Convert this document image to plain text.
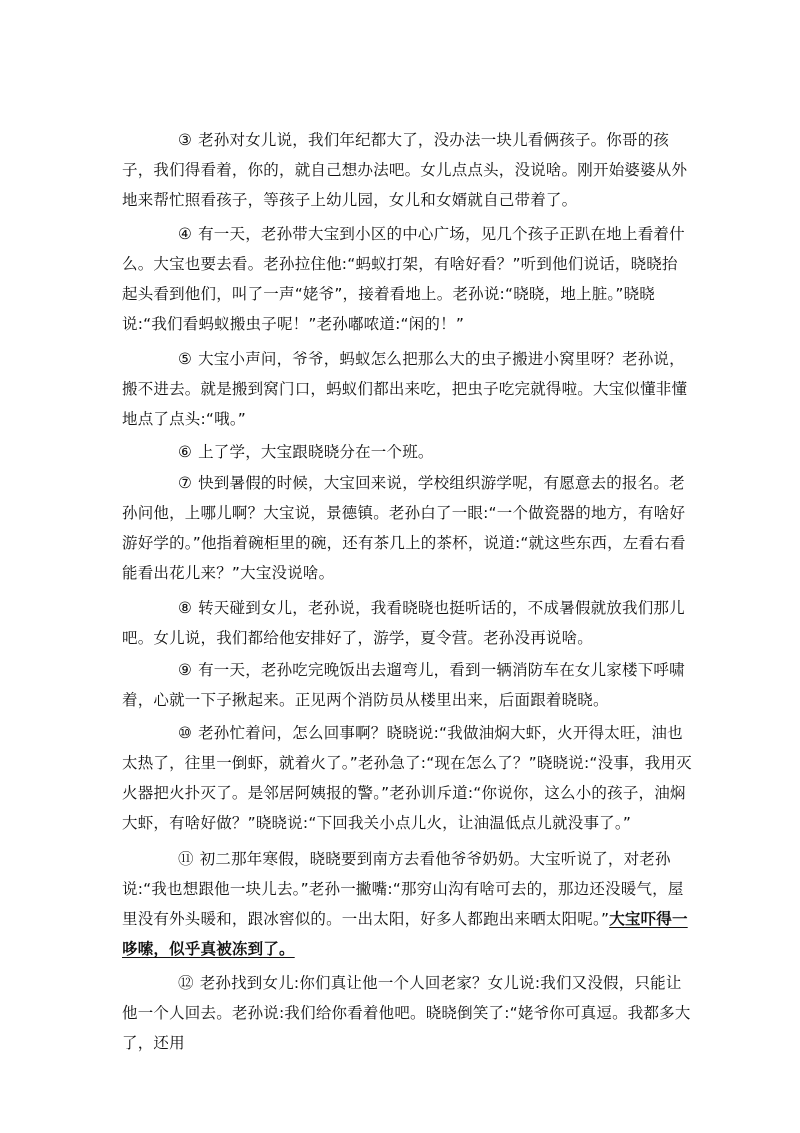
③ 老孙对女儿说，我们年纪都大了，没办法一块儿看俩孩子。你哥的孩子，我们得看着，你的，就自己想办法吧。女儿点点头，没说啥。刚开始婆婆从外地来帮忙照看孩子，等孩子上幼儿园，女儿和女婿就自己带着了。

④ 有一天，老孙带大宝到小区的中心广场，见几个孩子正趴在地上看着什么。大宝也要去看。老孙拉住他:“蚂蚁打架，有啥好看？”听到他们说话，晓晓抬起头看到他们，叫了一声“姥爷”，接着看地上。老孙说:“晓晓，地上脏。”晓晓说:“我们看蚂蚁搬虫子呢！”老孙嘟哝道:“闲的！”

⑤ 大宝小声问，爷爷，蚂蚁怎么把那么大的虫子搬进小窝里呀？老孙说，搬不进去。就是搬到窝门口，蚂蚁们都出来吃，把虫子吃完就得啦。大宝似懂非懂地点了点头:“哦。”

⑥ 上了学，大宝跟晓晓分在一个班。

⑦ 快到暑假的时候，大宝回来说，学校组织游学呢，有愿意去的报名。老孙问他，上哪儿啊？大宝说，景德镇。老孙白了一眼:“一个做瓷器的地方，有啥好游好学的。”他指着碗柜里的碗，还有茶几上的茶杯，说道:“就这些东西，左看右看能看出花儿来？”大宝没说啥。

⑧ 转天碰到女儿，老孙说，我看晓晓也挺听话的，不成暑假就放我们那儿吧。女儿说，我们都给他安排好了，游学，夏令营。老孙没再说啥。

⑨ 有一天，老孙吃完晚饭出去遛弯儿，看到一辆消防车在女儿家楼下呼啸着，心就一下子揪起来。正见两个消防员从楼里出来，后面跟着晓晓。

⑩ 老孙忙着问，怎么回事啊？晓晓说:“我做油焖大虾，火开得太旺，油也太热了，往里一倒虾，就着火了。”老孙急了:“现在怎么了？”晓晓说:“没事，我用灭火器把火扑灭了。是邻居阿姨报的警。”老孙训斥道:“你说你，这么小的孩子，油焖大虾，有啥好做？”晓晓说:“下回我关小点儿火，让油温低点儿就没事了。”

⑪ 初二那年寒假，晓晓要到南方去看他爷爷奶奶。大宝听说了，对老孙说:“我也想跟他一块儿去。”老孙一撇嘴:“那穷山沟有啥可去的，那边还没暖气，屋里没有外头暖和，跟冰窖似的。一出太阳，好多人都跑出来晒太阳呢。”大宝吓得一哆嗦，似乎真被冻到了。

⑫ 老孙找到女儿:你们真让他一个人回老家？女儿说:我们又没假，只能让他一个人回去。老孙说:我们给你看着他吧。晓晓倒笑了:“姥爷你可真逗。我都多大了，还用
